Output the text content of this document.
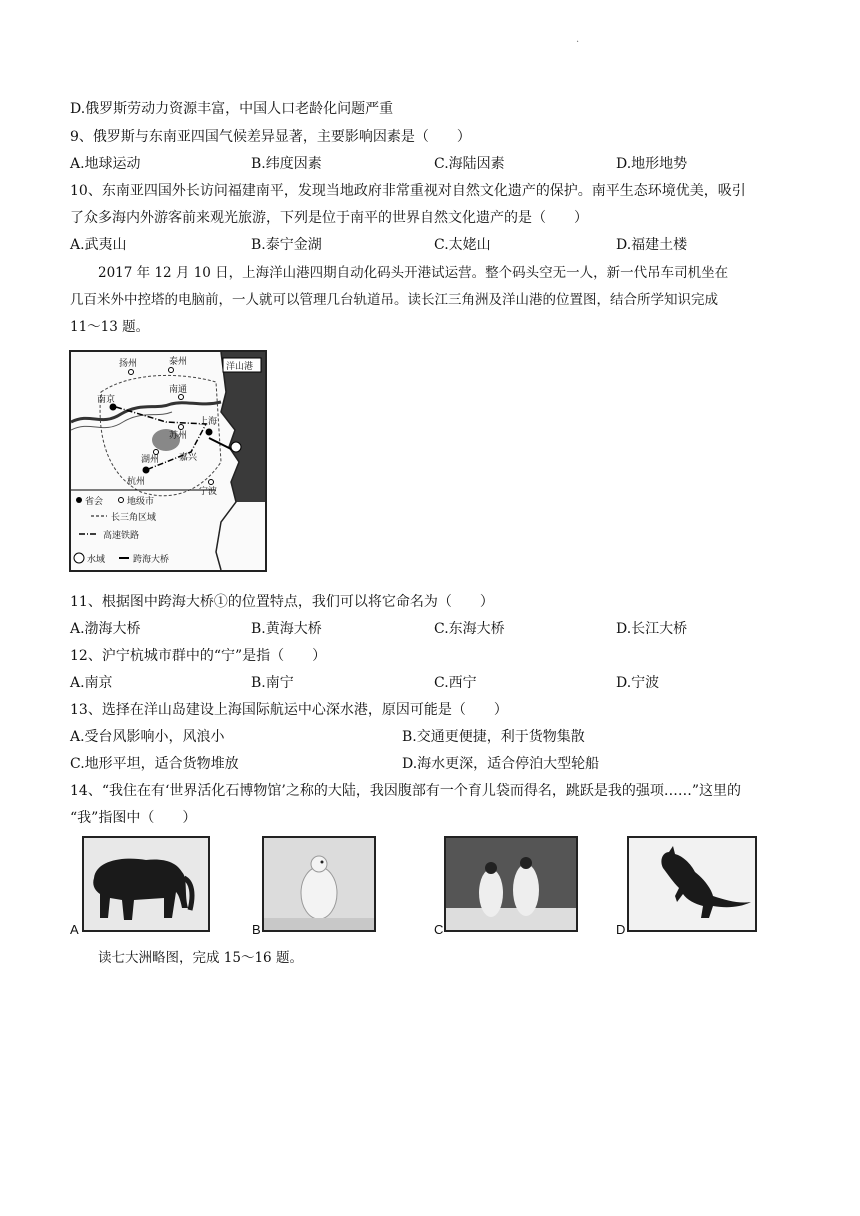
.
D.俄罗斯劳动力资源丰富，中国人口老龄化问题严重
9、俄罗斯与东南亚四国气候差异显著，主要影响因素是（　　）
A.地球运动	B.纬度因素	C.海陆因素	D.地形地势
10、东南亚四国外长访问福建南平，发现当地政府非常重视对自然文化遗产的保护。南平生态环境优美，吸引
了众多海内外游客前来观光旅游，下列是位于南平的世界自然文化遗产的是（　　）
A.武夷山	B.泰宁金湖	C.太姥山	D.福建土楼
2017 年 12 月 10 日，上海洋山港四期自动化码头开港试运营。整个码头空无一人，新一代吊车司机坐在
几百米外中控塔的电脑前，一人就可以管理几台轨道吊。读长江三角洲及洋山港的位置图，结合所学知识完成
11～13 题。
洋山港
南京
杭州
上海
南通
扬州	泰州
苏州
湖州
宁波
嘉兴
省会	地级市
长三角区域
高速铁路
水域	跨海大桥
11、根据图中跨海大桥①的位置特点，我们可以将它命名为（　　）
A.渤海大桥	B.黄海大桥	C.东海大桥	D.长江大桥
12、沪宁杭城市群中的“宁”是指（　　）
A.南京	B.南宁	C.西宁	D.宁波
13、选择在洋山岛建设上海国际航运中心深水港，原因可能是（　　）
A.受台风影响小，风浪小	B.交通更便捷，利于货物集散
C.地形平坦，适合货物堆放	D.海水更深，适合停泊大型轮船
14、“我住在有‘世界活化石博物馆’之称的大陆，我因腹部有一个育儿袋而得名，跳跃是我的强项……”这里的
“我”指图中（　　）
A	B	C	D
读七大洲略图，完成 15～16 题。
